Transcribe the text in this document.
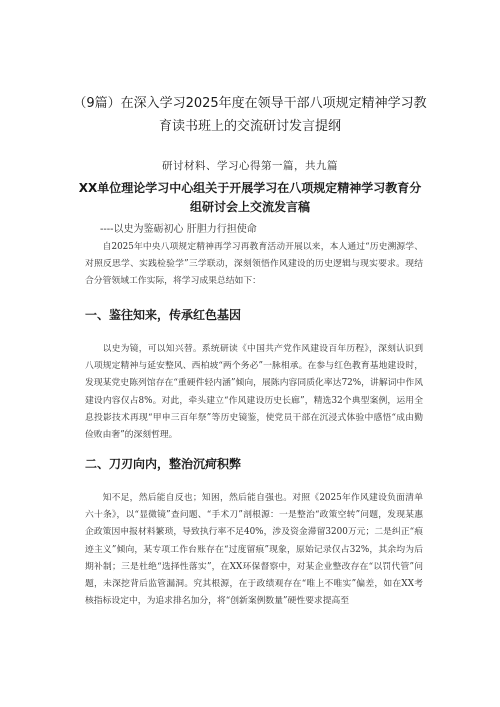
（9篇）在深入学习2025年度在领导干部八项规定精神学习教
育读书班上的交流研讨发言提纲
研讨材料、学习心得第一篇，共九篇
XX单位理论学习中心组关于开展学习在八项规定精神学习教育分
组研讨会上交流发言稿
----以史为鉴砺初心 肝胆力行担使命

自2025年中央八项规定精神再学习再教育活动开展以来，本人通过“历史溯源学、对照反思学、实践检验学”三学联动，深刻领悟作风建设的历史逻辑与现实要求。现结合分管领域工作实际，将学习成果总结如下：

一、鉴往知来，传承红色基因

以史为镜，可以知兴替。系统研读《中国共产党作风建设百年历程》，深刻认识到八项规定精神与延安整风、西柏坡“两个务必”一脉相承。在参与红色教育基地建设时，发现某党史陈列馆存在“重硬件轻内涵”倾向，展陈内容同质化率达72%，讲解词中作风建设内容仅占8%。对此，牵头建立“作风建设历史长廊”，精选32个典型案例，运用全息投影技术再现“甲申三百年祭”等历史镜鉴，使党员干部在沉浸式体验中感悟“成由勤俭败由奢”的深刻哲理。

二、刀刃向内，整治沉疴积弊

知不足，然后能自反也；知困，然后能自强也。对照《2025年作风建设负面清单六十条》，以“显微镜”查问题、“手术刀”剖根源：一是整治“政策空转”问题，发现某惠企政策因申报材料繁琐，导致执行率不足40%，涉及资金滞留3200万元；二是纠正“痕迹主义”倾向，某专项工作台账存在“过度留痕”现象，原始记录仅占32%，其余均为后期补制；三是杜绝“选择性落实”，在XX环保督察中，对某企业整改存在“以罚代管”问题，未深挖背后监管漏洞。究其根源，在于政绩观存在“唯上不唯实”偏差，如在XX考核指标设定中，为追求排名加分，将“创新案例数量”硬性要求提高至
